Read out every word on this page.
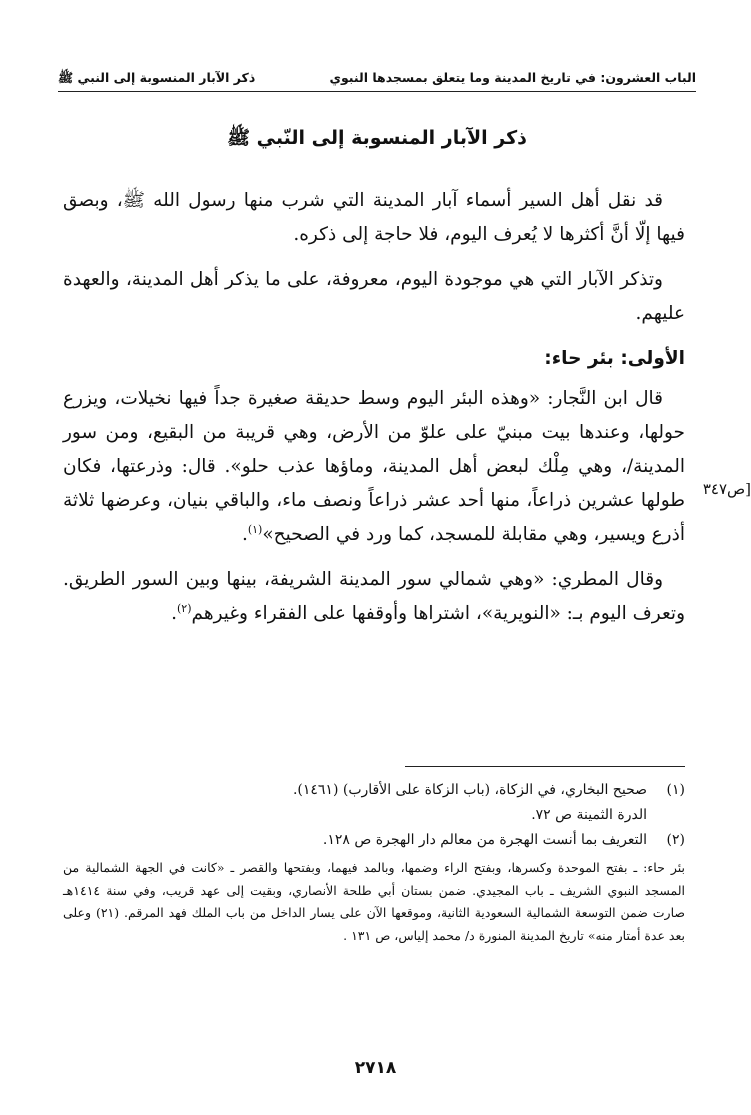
الباب العشرون: في تاريخ المدينة وما يتعلق بمسجدها النبوي
ذكر الآبار المنسوبة إلى النبي ﷺ
ذكر الآبار المنسوبة إلى النّبي ﷺ

قد نقل أهل السير أسماء آبار المدينة التي شرب منها رسول الله ﷺ، وبصق فيها إلّا أنَّ أكثرها لا يُعرف اليوم، فلا حاجة إلى ذكره.

وتذكر الآبار التي هي موجودة اليوم، معروفة، على ما يذكر أهل المدينة، والعهدة عليهم.

الأولى: بئر حاء:

قال ابن النَّجار: «وهذه البئر اليوم وسط حديقة صغيرة جداً فيها نخيلات، ويزرع حولها، وعندها بيت مبنيّ على علوّ من الأرض، وهي قريبة من البقيع، ومن سور المدينة/، وهي مِلْك لبعض أهل المدينة، وماؤها عذب حلو». قال: وذرعتها، فكان طولها عشرين ذراعاً، منها أحد عشر ذراعاً ونصف ماء، والباقي بنيان، وعرضها ثلاثة أذرع ويسير، وهي مقابلة للمسجد، كما ورد في الصحيح»$^{(١)}$.

وقال المطري: «وهي شمالي سور المدينة الشريفة، بينها وبين السور الطريق. وتعرف اليوم بـ: «النويرية»، اشتراها وأوقفها على الفقراء وغيرهم$^{(٢)}$.

[ص٣٤٧
(١)
صحيح البخاري، في الزكاة، (باب الزكاة على الأقارب) (١٤٦١).
الدرة الثمينة ص ٧٢.
(٢)
التعريف بما أنست الهجرة من معالم دار الهجرة ص ١٢٨.

بئر حاء: ـ بفتح الموحدة وكسرها، وبفتح الراء وضمها، وبالمد فيهما، وبفتحها والقصر ـ «كانت في الجهة الشمالية من المسجد النبوي الشريف ـ باب المجيدي. ضمن بستان أبي طلحة الأنصاري، وبقيت إلى عهد قريب، وفي سنة ١٤١٤هـ صارت ضمن التوسعة الشمالية السعودية الثانية، وموقعها الآن على يسار الداخل من باب الملك فهد المرقم. (٢١) وعلى بعد عدة أمتار منه» تاريخ المدينة المنورة د/ محمد إلياس، ص ١٣١ .

٢٧١٨
